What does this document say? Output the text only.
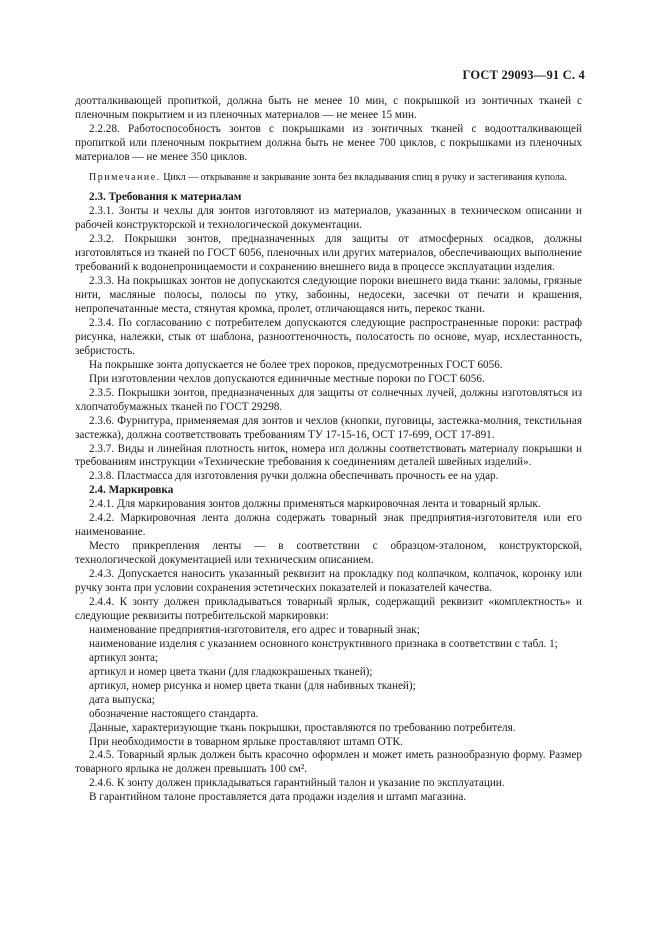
ГОСТ 29093—91 С. 4

доотталкивающей пропиткой, должна быть не менее 10 мин, с покрышкой из зонтичных тканей с пленочным покрытием и из пленочных материалов — не менее 15 мин.

2.2.28. Работоспособность зонтов с покрышками из зонтичных тканей с водоотталкивающей пропиткой или пленочным покрытием должна быть не менее 700 циклов, с покрышками из пленочных материалов — не менее 350 циклов.

Примечание. Цикл — открывание и закрывание зонта без вкладывания спиц в ручку и застегивания купола.

2.3. Требования к материалам

2.3.1. Зонты и чехлы для зонтов изготовляют из материалов, указанных в техническом описании и рабочей конструкторской и технологической документации.

2.3.2. Покрышки зонтов, предназначенных для защиты от атмосферных осадков, должны изготовляться из тканей по ГОСТ 6056, пленочных или других материалов, обеспечивающих выполнение требований к водонепроницаемости и сохранению внешнего вида в процессе эксплуатации изделия.

2.3.3. На покрышках зонтов не допускаются следующие пороки внешнего вида ткани: заломы, грязные нити, масляные полосы, полосы по утку, забоины, недосеки, засечки от печати и крашения, непропечатанные места, стянутая кромка, пролет, отличающаяся нить, перекос ткани.

2.3.4. По согласованию с потребителем допускаются следующие распространенные пороки: растраф рисунка, належки, стык от шаблона, разнооттеночность, полосатость по основе, муар, исхлестанность, зебристость.

На покрышке зонта допускается не более трех пороков, предусмотренных ГОСТ 6056.

При изготовлении чехлов допускаются единичные местные пороки по ГОСТ 6056.

2.3.5. Покрышки зонтов, предназначенных для защиты от солнечных лучей, должны изготовляться из хлопчатобумажных тканей по ГОСТ 29298.

2.3.6. Фурнитура, применяемая для зонтов и чехлов (кнопки, пуговицы, застежка-молния, текстильная застежка), должна соответствовать требованиям ТУ 17-15-16, ОСТ 17-699, ОСТ 17-891.

2.3.7. Виды и линейная плотность ниток, номера игл должны соответствовать материалу покрышки и требованиям инструкции «Технические требования к соединениям деталей швейных изделий».

2.3.8. Пластмасса для изготовления ручки должна обеспечивать прочность ее на удар.

2.4. Маркировка

2.4.1. Для маркирования зонтов должны применяться маркировочная лента и товарный ярлык.

2.4.2. Маркировочная лента должна содержать товарный знак предприятия-изготовителя или его наименование.

Место прикрепления ленты — в соответствии с образцом-эталоном, конструкторской, технологической документацией или техническим описанием.

2.4.3. Допускается наносить указанный реквизит на прокладку под колпачком, колпачок, коронку или ручку зонта при условии сохранения эстетических показателей и показателей качества.

2.4.4. К зонту должен прикладываться товарный ярлык, содержащий реквизит «комплектность» и следующие реквизиты потребительской маркировки:

наименование предприятия-изготовителя, его адрес и товарный знак;

наименование изделия с указанием основного конструктивного признака в соответствии с табл. 1;

артикул зонта;

артикул и номер цвета ткани (для гладкокрашеных тканей);

артикул, номер рисунка и номер цвета ткани (для набивных тканей);

дата выпуска;

обозначение настоящего стандарта.

Данные, характеризующие ткань покрышки, проставляются по требованию потребителя.

При необходимости в товарном ярлыке проставляют штамп ОТК.

2.4.5. Товарный ярлык должен быть красочно оформлен и может иметь разнообразную форму. Размер товарного ярлыка не должен превышать 100 см².

2.4.6. К зонту должен прикладываться гарантийный талон и указание по эксплуатации.

В гарантийном талоне проставляется дата продажи изделия и штамп магазина.
